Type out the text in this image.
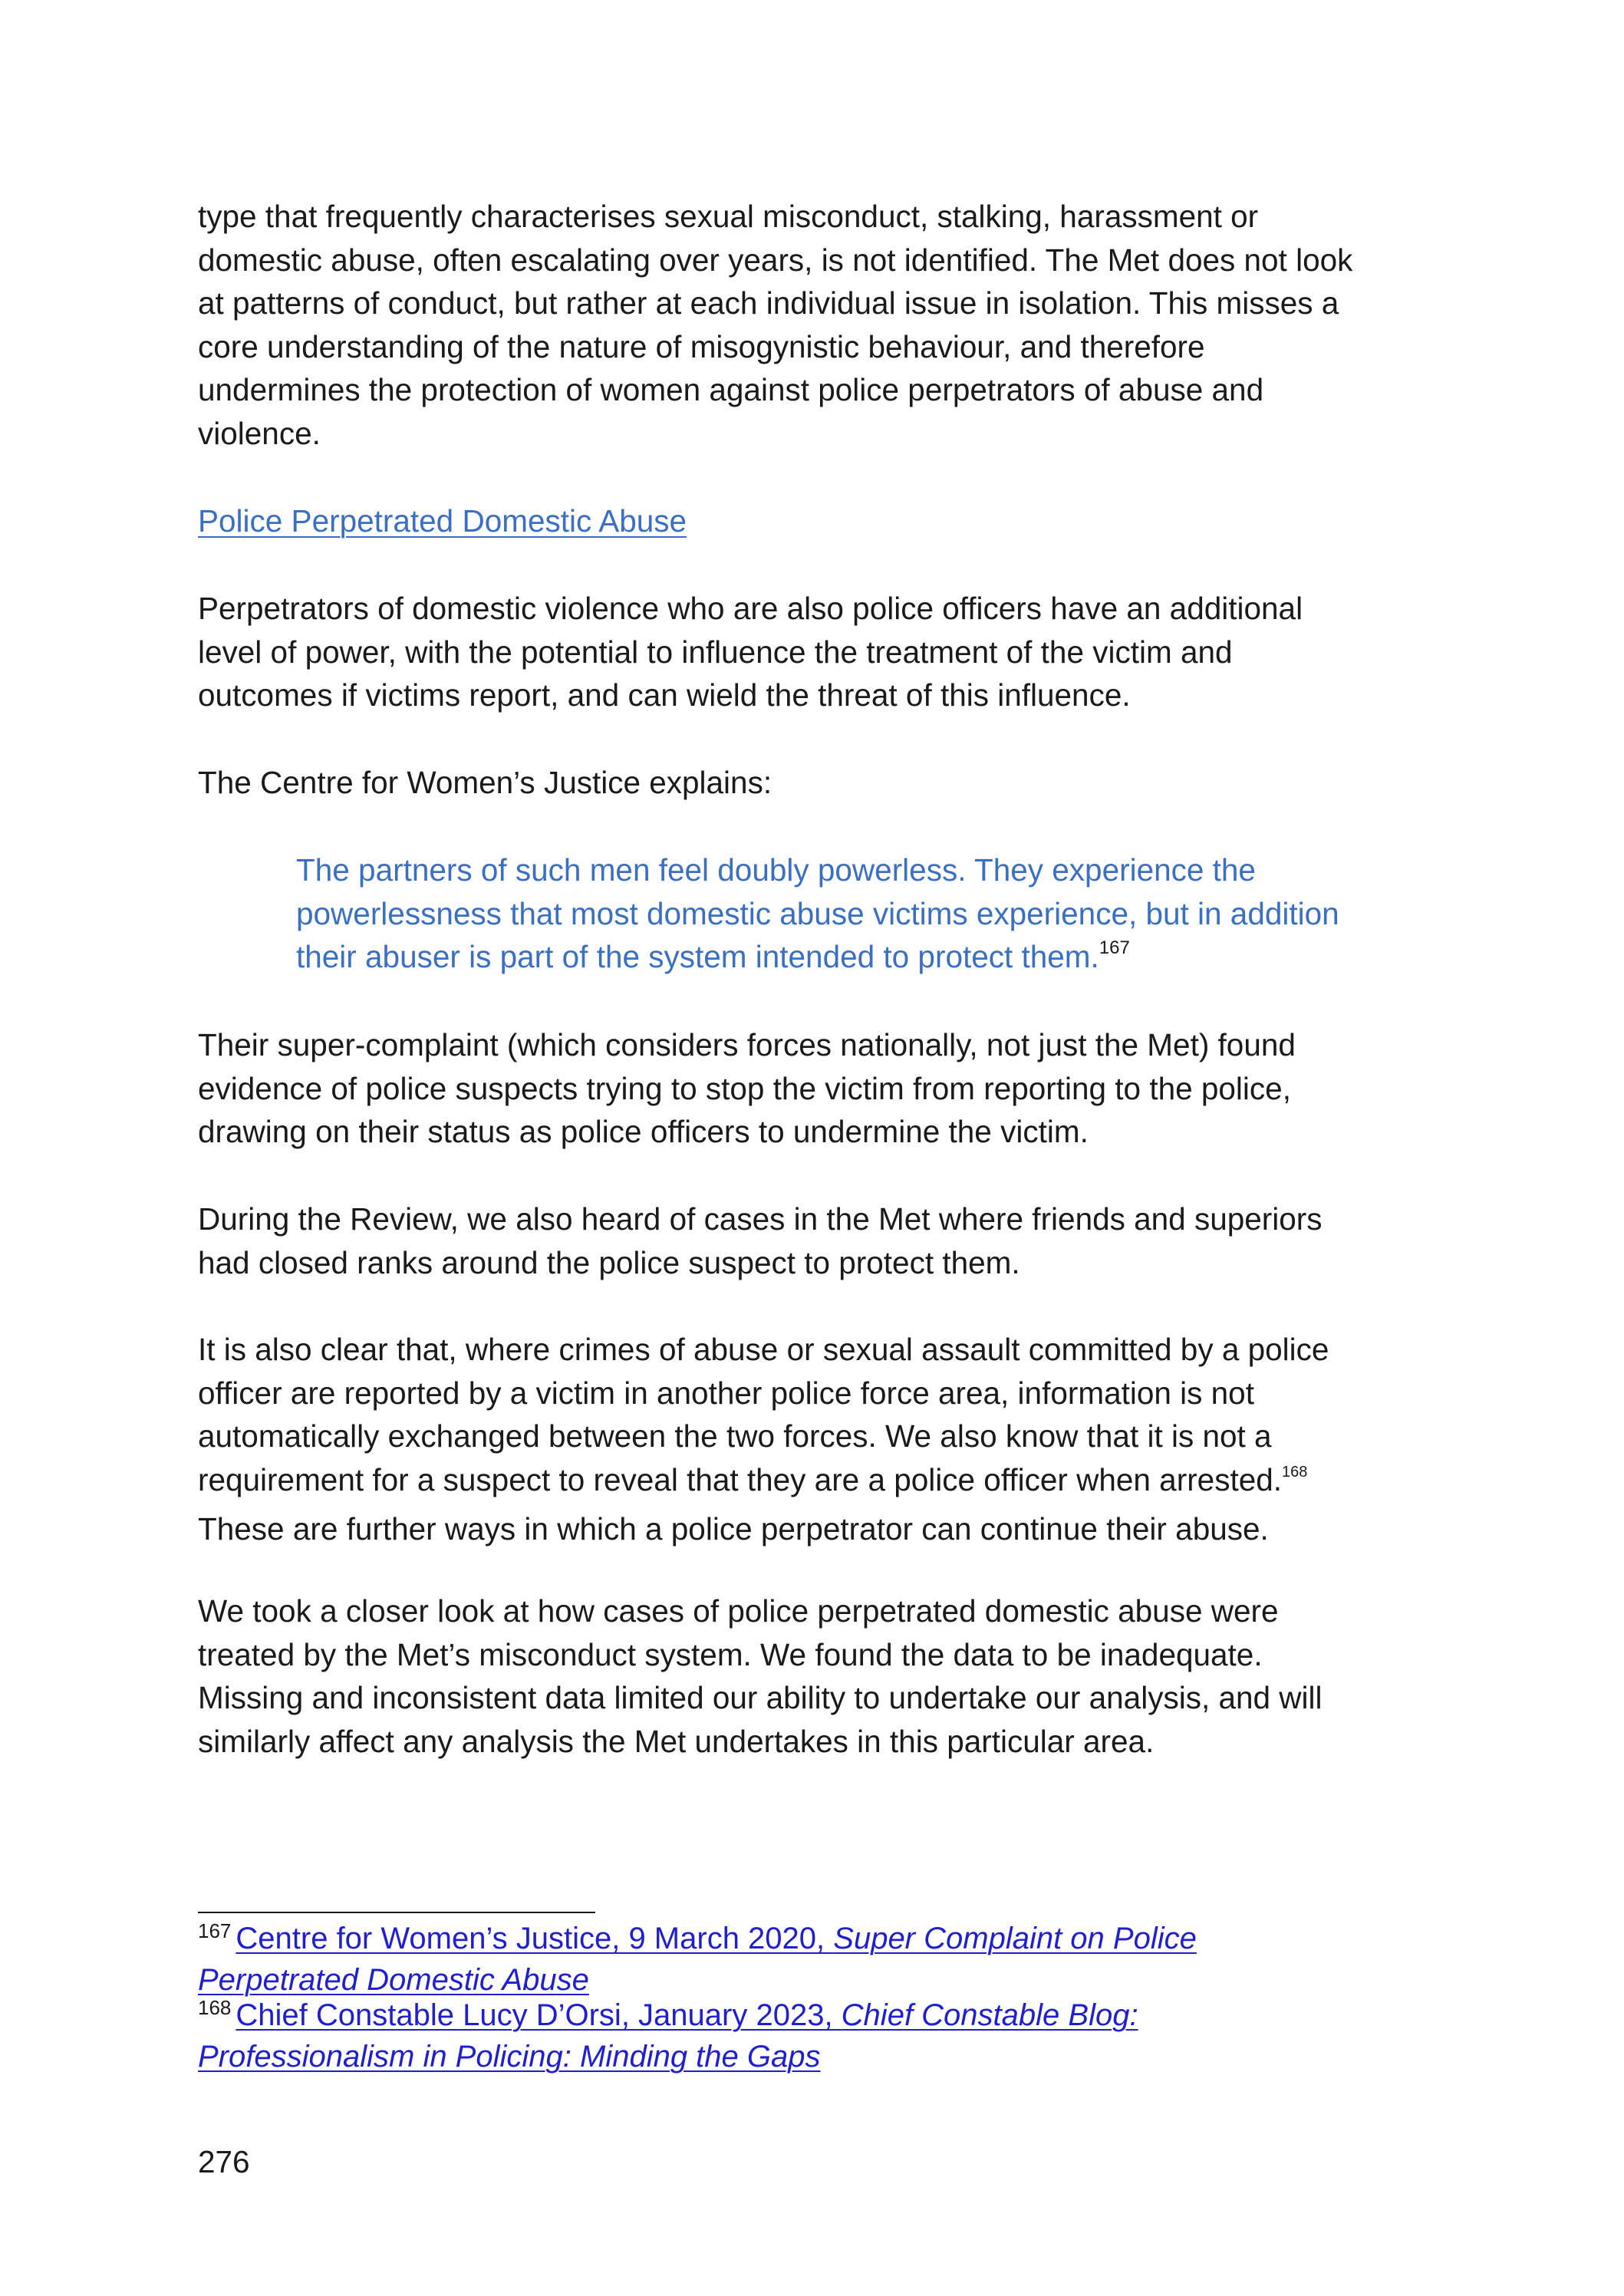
type that frequently characterises sexual misconduct, stalking, harassment or
domestic abuse, often escalating over years, is not identified. The Met does not look
at patterns of conduct, but rather at each individual issue in isolation. This misses a
core understanding of the nature of misogynistic behaviour, and therefore
undermines the protection of women against police perpetrators of abuse and
violence.

Police Perpetrated Domestic Abuse

Perpetrators of domestic violence who are also police officers have an additional
level of power, with the potential to influence the treatment of the victim and
outcomes if victims report, and can wield the threat of this influence.

The Centre for Women’s Justice explains:

The partners of such men feel doubly powerless. They experience the
powerlessness that most domestic abuse victims experience, but in addition
their abuser is part of the system intended to protect them.$^{167}$

Their super-complaint (which considers forces nationally, not just the Met) found
evidence of police suspects trying to stop the victim from reporting to the police,
drawing on their status as police officers to undermine the victim.

During the Review, we also heard of cases in the Met where friends and superiors
had closed ranks around the police suspect to protect them.

It is also clear that, where crimes of abuse or sexual assault committed by a police
officer are reported by a victim in another police force area, information is not
automatically exchanged between the two forces. We also know that it is not a
requirement for a suspect to reveal that they are a police officer when arrested.$^{168}$
These are further ways in which a police perpetrator can continue their abuse.

We took a closer look at how cases of police perpetrated domestic abuse were
treated by the Met’s misconduct system. We found the data to be inadequate.
Missing and inconsistent data limited our ability to undertake our analysis, and will
similarly affect any analysis the Met undertakes in this particular area.

$^{167}$ Centre for Women’s Justice, 9 March 2020, Super Complaint on Police
Perpetrated Domestic Abuse
$^{168}$ Chief Constable Lucy D’Orsi, January 2023, Chief Constable Blog:
Professionalism in Policing: Minding the Gaps
276
